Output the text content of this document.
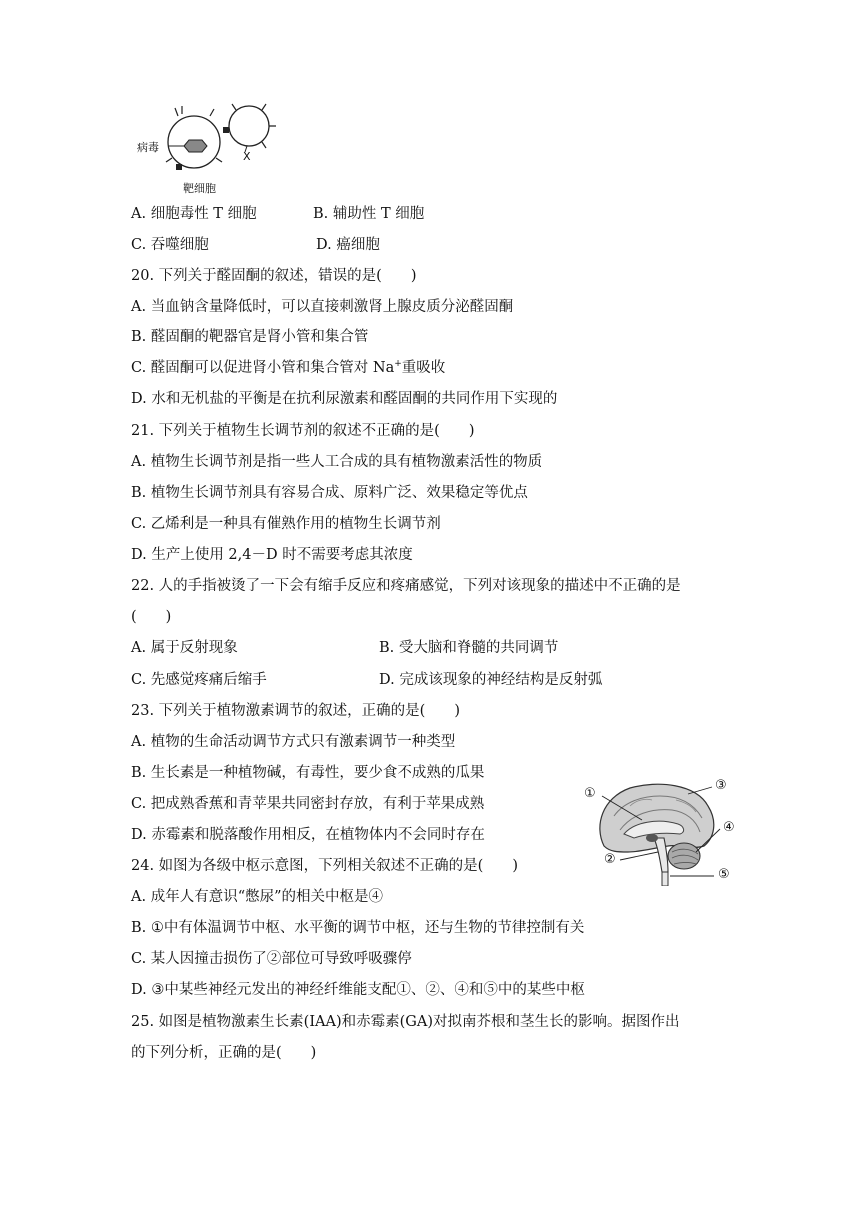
病毒
X
靶细胞
A. 细胞毒性 T 细胞	B. 辅助性 T 细胞
C. 吞噬细胞	D. 癌细胞
20. 下列关于醛固酮的叙述，错误的是(　　)
A. 当血钠含量降低时，可以直接刺激肾上腺皮质分泌醛固酮
B. 醛固酮的靶器官是肾小管和集合管
C. 醛固酮可以促进肾小管和集合管对 Na+重吸收
D. 水和无机盐的平衡是在抗利尿激素和醛固酮的共同作用下实现的
21. 下列关于植物生长调节剂的叙述不正确的是(　　)
A. 植物生长调节剂是指一些人工合成的具有植物激素活性的物质
B. 植物生长调节剂具有容易合成、原料广泛、效果稳定等优点
C. 乙烯利是一种具有催熟作用的植物生长调节剂
D. 生产上使用 2,4－D 时不需要考虑其浓度
22. 人的手指被烫了一下会有缩手反应和疼痛感觉，下列对该现象的描述中不正确的是
(　　)
A. 属于反射现象	B. 受大脑和脊髓的共同调节
C. 先感觉疼痛后缩手	D. 完成该现象的神经结构是反射弧
23. 下列关于植物激素调节的叙述，正确的是(　　)
A. 植物的生命活动调节方式只有激素调节一种类型
B. 生长素是一种植物碱，有毒性，要少食不成熟的瓜果
C. 把成熟香蕉和青苹果共同密封存放，有利于苹果成熟
D. 赤霉素和脱落酸作用相反，在植物体内不会同时存在
①
③
④
②
⑤
24. 如图为各级中枢示意图，下列相关叙述不正确的是(　　)
A. 成年人有意识“憋尿”的相关中枢是④
B. ①中有体温调节中枢、水平衡的调节中枢，还与生物的节律控制有关
C. 某人因撞击损伤了②部位可导致呼吸骤停
D. ③中某些神经元发出的神经纤维能支配①、②、④和⑤中的某些中枢
25. 如图是植物激素生长素(IAA)和赤霉素(GA)对拟南芥根和茎生长的影响。据图作出
的下列分析，正确的是(　　)
